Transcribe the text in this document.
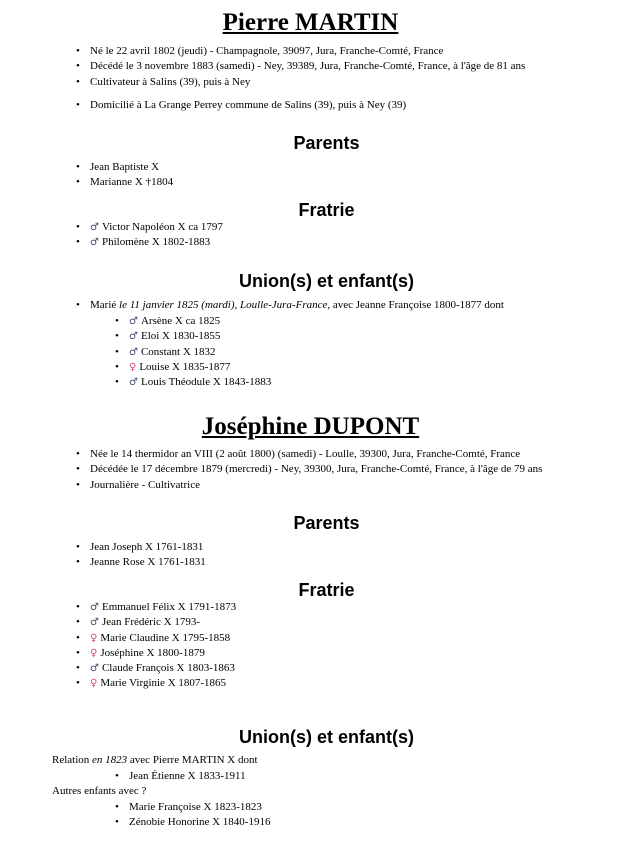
Pierre MARTIN
• Né le 22 avril 1802 (jeudi) - Champagnole, 39097, Jura, Franche-Comté, France
• Décédé le 3 novembre 1883 (samedi) - Ney, 39389, Jura, Franche-Comté, France, à l'âge de 81 ans
• Cultivateur à Salins (39), puis à Ney
• Domicilié à La Grange Perrey commune de Salins (39), puis à Ney (39)
Parents
• Jean Baptiste X
• Marianne X †1804
Fratrie
• ♂ Victor Napoléon X ca 1797
• ♂ Philomène X 1802-1883
Union(s) et enfant(s)
• Marié le 11 janvier 1825 (mardi), Loulle-Jura-France, avec Jeanne Françoise 1800-1877 dont
• ♂ Arsène X ca 1825
• ♂ Eloi X 1830-1855
• ♂ Constant X 1832
• ♀ Louise X 1835-1877
• ♂ Louis Théodule X 1843-1883
Joséphine DUPONT
• Née le 14 thermidor an VIII (2 août 1800) (samedi) - Loulle, 39300, Jura, Franche-Comté, France
• Décédée le 17 décembre 1879 (mercredi) - Ney, 39300, Jura, Franche-Comté, France, à l'âge de 79 ans
• Journalière - Cultivatrice
Parents
• Jean Joseph X 1761-1831
• Jeanne Rose X 1761-1831
Fratrie
• ♂ Emmanuel Félix X 1791-1873
• ♂ Jean Frédéric X 1793-
• ♀ Marie Claudine X 1795-1858
• ♀ Joséphine X 1800-1879
• ♂ Claude François X 1803-1863
• ♀ Marie Virginie X 1807-1865
Union(s) et enfant(s)
Relation en 1823 avec Pierre MARTIN X dont
• Jean Étienne X 1833-1911
Autres enfants avec ?
• Marie Françoise X 1823-1823
• Zénobie Honorine X 1840-1916
